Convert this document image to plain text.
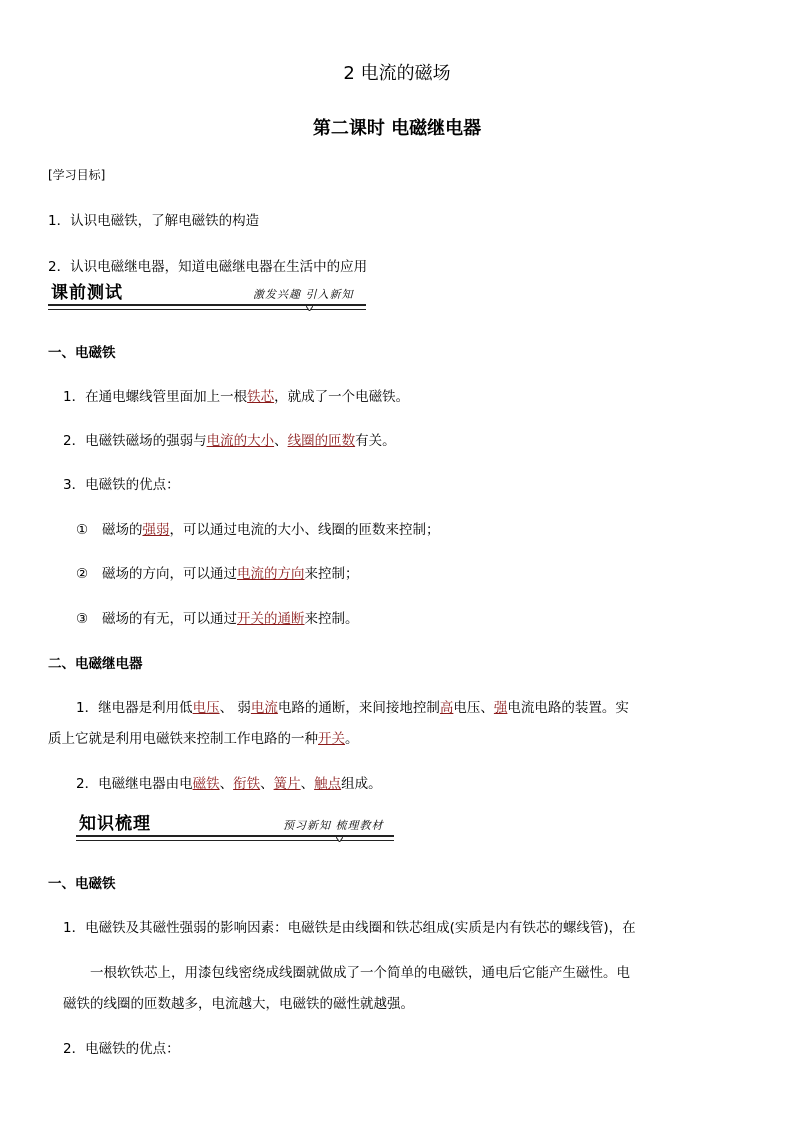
2 电流的磁场
第二课时 电磁继电器
[学习目标]
1．认识电磁铁，了解电磁铁的构造
2．认识电磁继电器，知道电磁继电器在生活中的应用
课前测试	激发兴趣 引入新知
一、电磁铁
1．在通电螺线管里面加上一根铁芯，就成了一个电磁铁。
2．电磁铁磁场的强弱与电流的大小、线圈的匝数有关。
3．电磁铁的优点：
① 磁场的强弱，可以通过电流的大小、线圈的匝数来控制；
② 磁场的方向，可以通过电流的方向来控制；
③ 磁场的有无，可以通过开关的通断来控制。
二、电磁继电器
1．继电器是利用低电压、 弱电流电路的通断，来间接地控制高电压、强电流电路的装置。实
质上它就是利用电磁铁来控制工作电路的一种开关。
2．电磁继电器由电磁铁、衔铁、簧片、触点组成。
知识梳理	预习新知 梳理教材
一、电磁铁
1．电磁铁及其磁性强弱的影响因素：电磁铁是由线圈和铁芯组成(实质是内有铁芯的螺线管)，在
一根软铁芯上，用漆包线密绕成线圈就做成了一个简单的电磁铁，通电后它能产生磁性。电
磁铁的线圈的匝数越多，电流越大，电磁铁的磁性就越强。
2．电磁铁的优点：
